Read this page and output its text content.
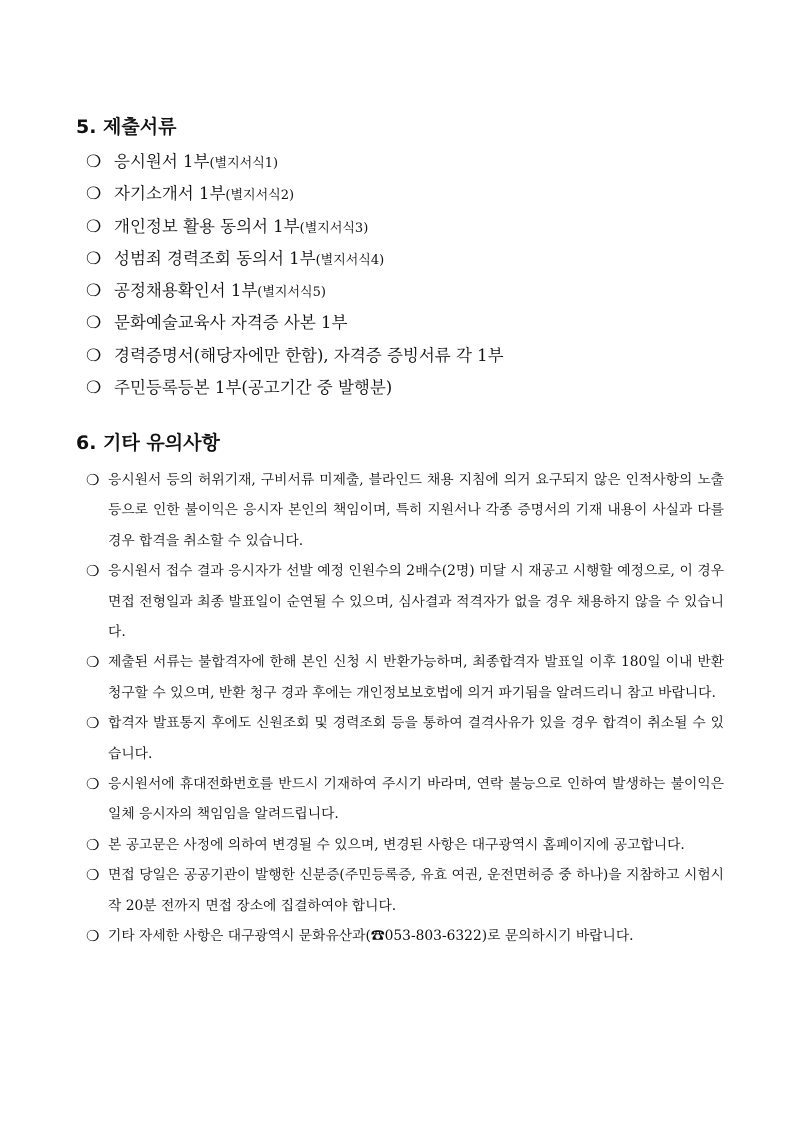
5. 제출서류
❍ 응시원서 1부(별지서식1)
❍ 자기소개서 1부(별지서식2)
❍ 개인정보 활용 동의서 1부(별지서식3)
❍ 성범죄 경력조회 동의서 1부(별지서식4)
❍ 공정채용확인서 1부(별지서식5)
❍ 문화예술교육사 자격증 사본 1부
❍ 경력증명서(해당자에만 한함), 자격증 증빙서류 각 1부
❍ 주민등록등본 1부(공고기간 중 발행분)
6. 기타 유의사항
❍ 응시원서 등의 허위기재, 구비서류 미제출, 블라인드 채용 지침에 의거 요구되지 않은 인적사항의 노출 등으로 인한 불이익은 응시자 본인의 책임이며, 특히 지원서나 각종 증명서의 기재 내용이 사실과 다를 경우 합격을 취소할 수 있습니다.
❍ 응시원서 접수 결과 응시자가 선발 예정 인원수의 2배수(2명) 미달 시 재공고 시행할 예정으로, 이 경우 면접 전형일과 최종 발표일이 순연될 수 있으며, 심사결과 적격자가 없을 경우 채용하지 않을 수 있습니다.
❍ 제출된 서류는 불합격자에 한해 본인 신청 시 반환가능하며, 최종합격자 발표일 이후 180일 이내 반환 청구할 수 있으며, 반환 청구 경과 후에는 개인정보보호법에 의거 파기됨을 알려드리니 참고 바랍니다.
❍ 합격자 발표통지 후에도 신원조회 및 경력조회 등을 통하여 결격사유가 있을 경우 합격이 취소될 수 있습니다.
❍ 응시원서에 휴대전화번호를 반드시 기재하여 주시기 바라며, 연락 불능으로 인하여 발생하는 불이익은 일체 응시자의 책임임을 알려드립니다.
❍ 본 공고문은 사정에 의하여 변경될 수 있으며, 변경된 사항은 대구광역시 홈페이지에 공고합니다.
❍ 면접 당일은 공공기관이 발행한 신분증(주민등록증, 유효 여권, 운전면허증 중 하나)을 지참하고 시험시작 20분 전까지 면접 장소에 집결하여야 합니다.
❍ 기타 자세한 사항은 대구광역시 문화유산과(☎053-803-6322)로 문의하시기 바랍니다.
